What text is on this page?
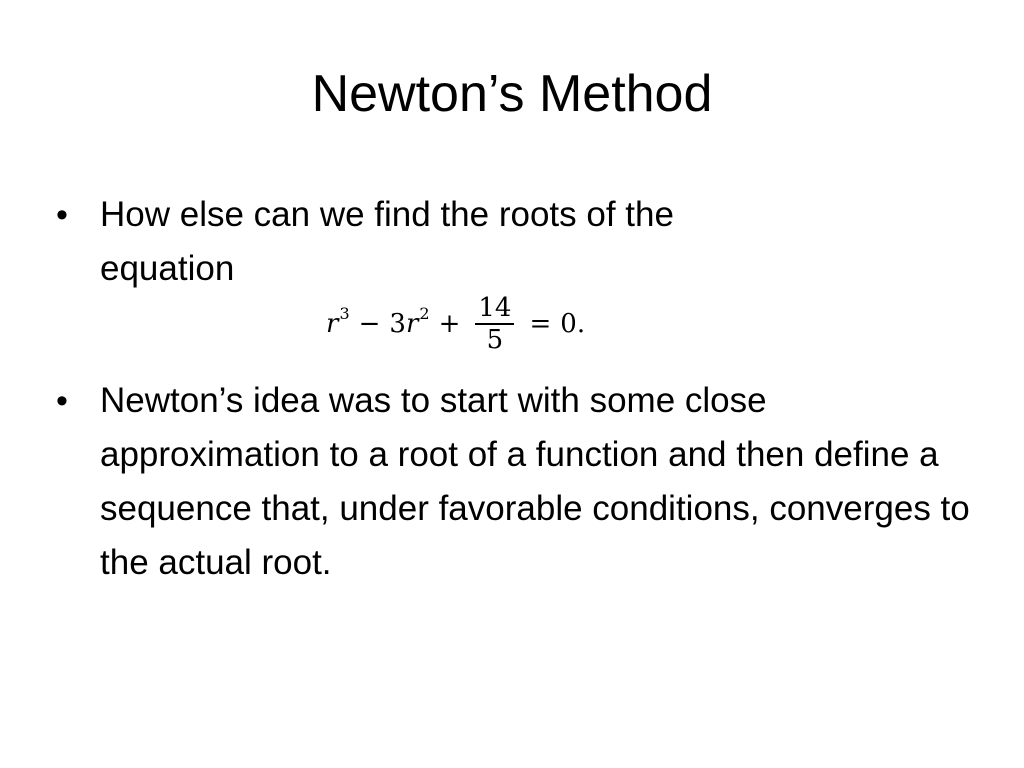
Newton’s Method
• How else can we find the roots of the equation
r 3 − 3 r $2 + \frac{14}{5} = 0$.
• Newton’s idea was to start with some close approximation to a root of a function and then define a sequence that, under favorable conditions, converges to the actual root.
